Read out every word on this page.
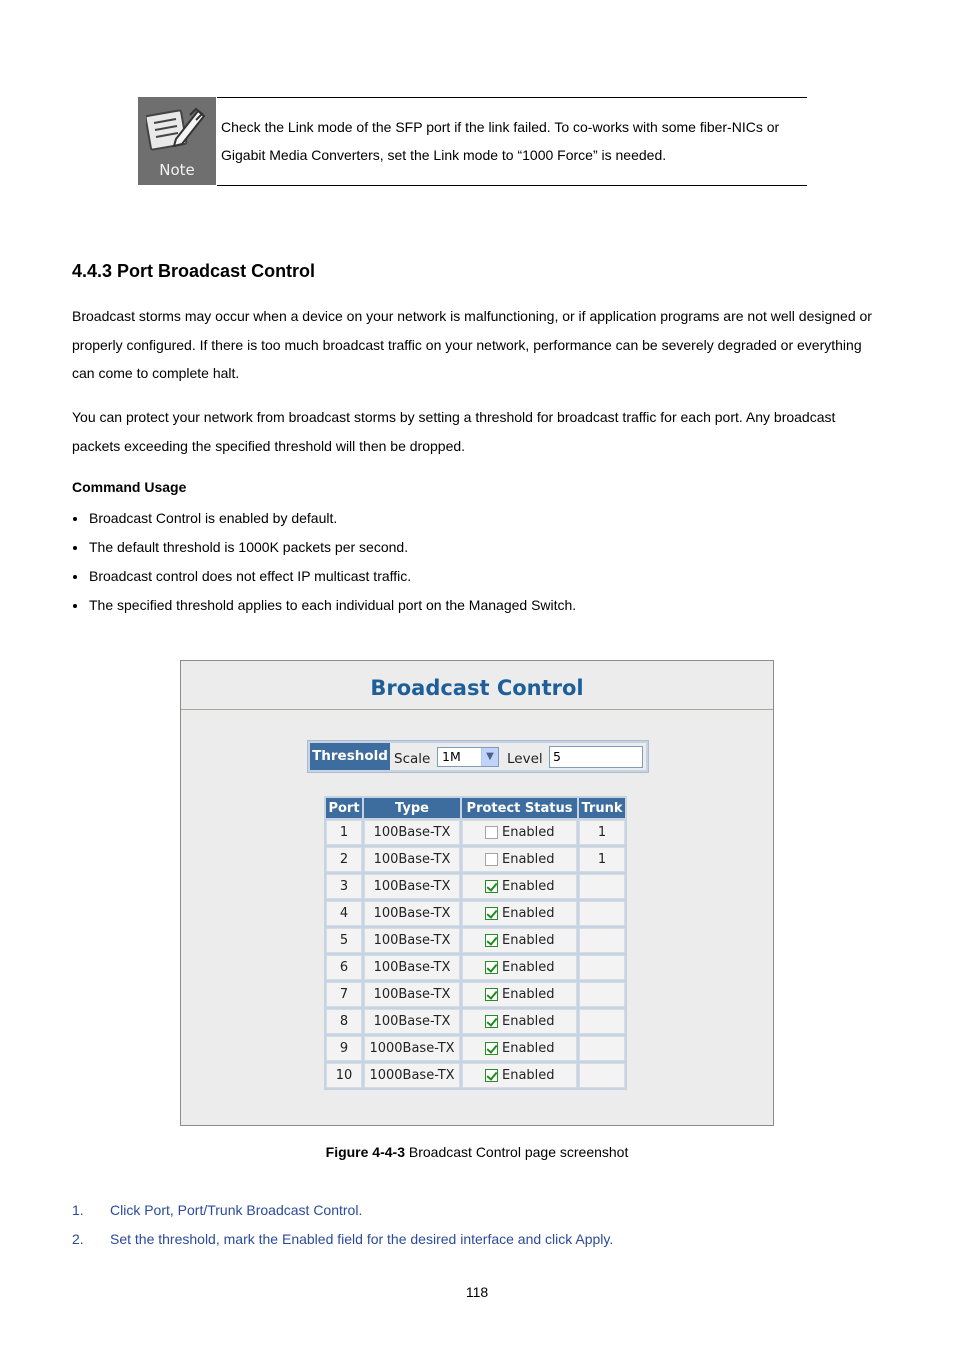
Note
Check the Link mode of the SFP port if the link failed. To co-works with some fiber-NICs or
Gigabit Media Converters, set the Link mode to “1000 Force” is needed.
4.4.3 Port Broadcast Control

Broadcast storms may occur when a device on your network is malfunctioning, or if application programs are not well designed or properly configured. If there is too much broadcast traffic on your network, performance can be severely degraded or everything can come to complete halt.

You can protect your network from broadcast storms by setting a threshold for broadcast traffic for each port. Any broadcast packets exceeding the specified threshold will then be dropped.

Command Usage
Broadcast Control is enabled by default.
The default threshold is 1000K packets per second.
Broadcast control does not effect IP multicast traffic.
The specified threshold applies to each individual port on the Managed Switch.
Broadcast Control
Threshold Scale 1M	▼ Level 5
Port	Type	Protect Status	Trunk
1	100Base-TX	Enabled	1
2	100Base-TX	Enabled	1
3	100Base-TX	Enabled	
4	100Base-TX	Enabled	
5	100Base-TX	Enabled	
6	100Base-TX	Enabled	
7	100Base-TX	Enabled	
8	100Base-TX	Enabled	
9	1000Base-TX	Enabled	
10	1000Base-TX	Enabled	
Figure 4-4-3 Broadcast Control page screenshot
1. Click Port, Port/Trunk Broadcast Control.
2. Set the threshold, mark the Enabled field for the desired interface and click Apply.
118
